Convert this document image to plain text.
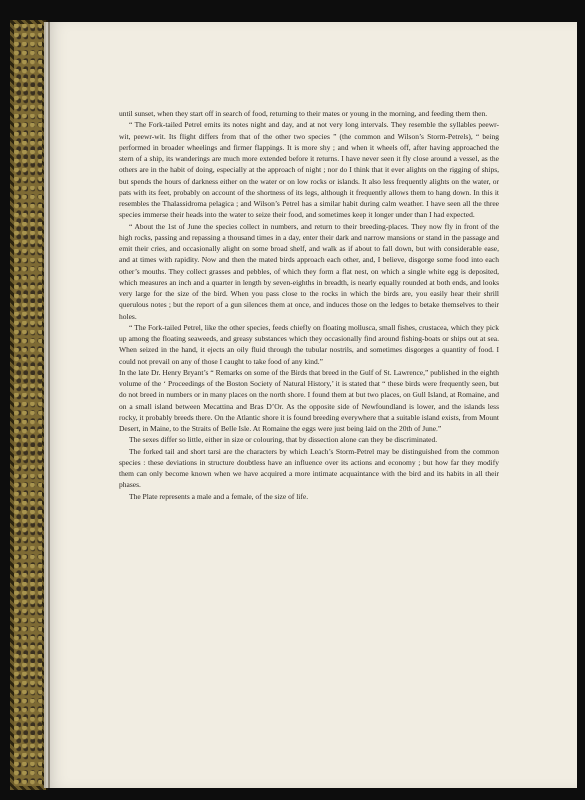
until sunset, when they start off in search of food, returning to their mates or young in the morning, and feeding them then.

“ The Fork-tailed Petrel emits its notes night and day, and at not very long intervals. They resemble the syllables peewr-wit, peewr-wit. Its flight differs from that of the other two species ” (the common and Wilson’s Storm-Petrels), “ being performed in broader wheelings and firmer flappings. It is more shy ; and when it wheels off, after having approached the stern of a ship, its wanderings are much more extended before it returns. I have never seen it fly close around a vessel, as the others are in the habit of doing, especially at the approach of night ; nor do I think that it ever alights on the rigging of ships, but spends the hours of darkness either on the water or on low rocks or islands. It also less frequently alights on the water, or pats with its feet, probably on account of the shortness of its legs, although it frequently allows them to hang down. In this it resembles the Thalassidroma pelagica ; and Wilson’s Petrel has a similar habit during calm weather. I have seen all the three species immerse their heads into the water to seize their food, and sometimes keep it longer under than I had expected.

“ About the 1st of June the species collect in numbers, and return to their breeding-places. They now fly in front of the high rocks, passing and repassing a thousand times in a day, enter their dark and narrow mansions or stand in the passage and emit their cries, and occasionally alight on some broad shelf, and walk as if about to fall down, but with considerable ease, and at times with rapidity. Now and then the mated birds approach each other, and, I believe, disgorge some food into each other’s mouths. They collect grasses and pebbles, of which they form a flat nest, on which a single white egg is deposited, which measures an inch and a quarter in length by seven-eighths in breadth, is nearly equally rounded at both ends, and looks very large for the size of the bird. When you pass close to the rocks in which the birds are, you easily hear their shrill querulous notes ; but the report of a gun silences them at once, and induces those on the ledges to betake themselves to their holes.

“ The Fork-tailed Petrel, like the other species, feeds chiefly on floating mollusca, small fishes, crustacea, which they pick up among the floating seaweeds, and greasy substances which they occasionally find around fishing-boats or ships out at sea. When seized in the hand, it ejects an oily fluid through the tubular nostrils, and sometimes disgorges a quantity of food. I could not prevail on any of those I caught to take food of any kind.”

In the late Dr. Henry Bryant’s “ Remarks on some of the Birds that breed in the Gulf of St. Lawrence,” published in the eighth volume of the ‘ Proceedings of the Boston Society of Natural History,’ it is stated that “ these birds were frequently seen, but do not breed in numbers or in many places on the north shore. I found them at but two places, on Gull Island, at Romaine, and on a small island between Mecattina and Bras D’Or. As the opposite side of Newfoundland is lower, and the islands less rocky, it probably breeds there. On the Atlantic shore it is found breeding everywhere that a suitable island exists, from Mount Desert, in Maine, to the Straits of Belle Isle. At Romaine the eggs were just being laid on the 20th of June.”

The sexes differ so little, either in size or colouring, that by dissection alone can they be discriminated.

The forked tail and short tarsi are the characters by which Leach’s Storm-Petrel may be distinguished from the common species : these deviations in structure doubtless have an influence over its actions and economy ; but how far they modify them can only become known when we have acquired a more intimate acquaintance with the bird and its habits in all their phases.

The Plate represents a male and a female, of the size of life.
